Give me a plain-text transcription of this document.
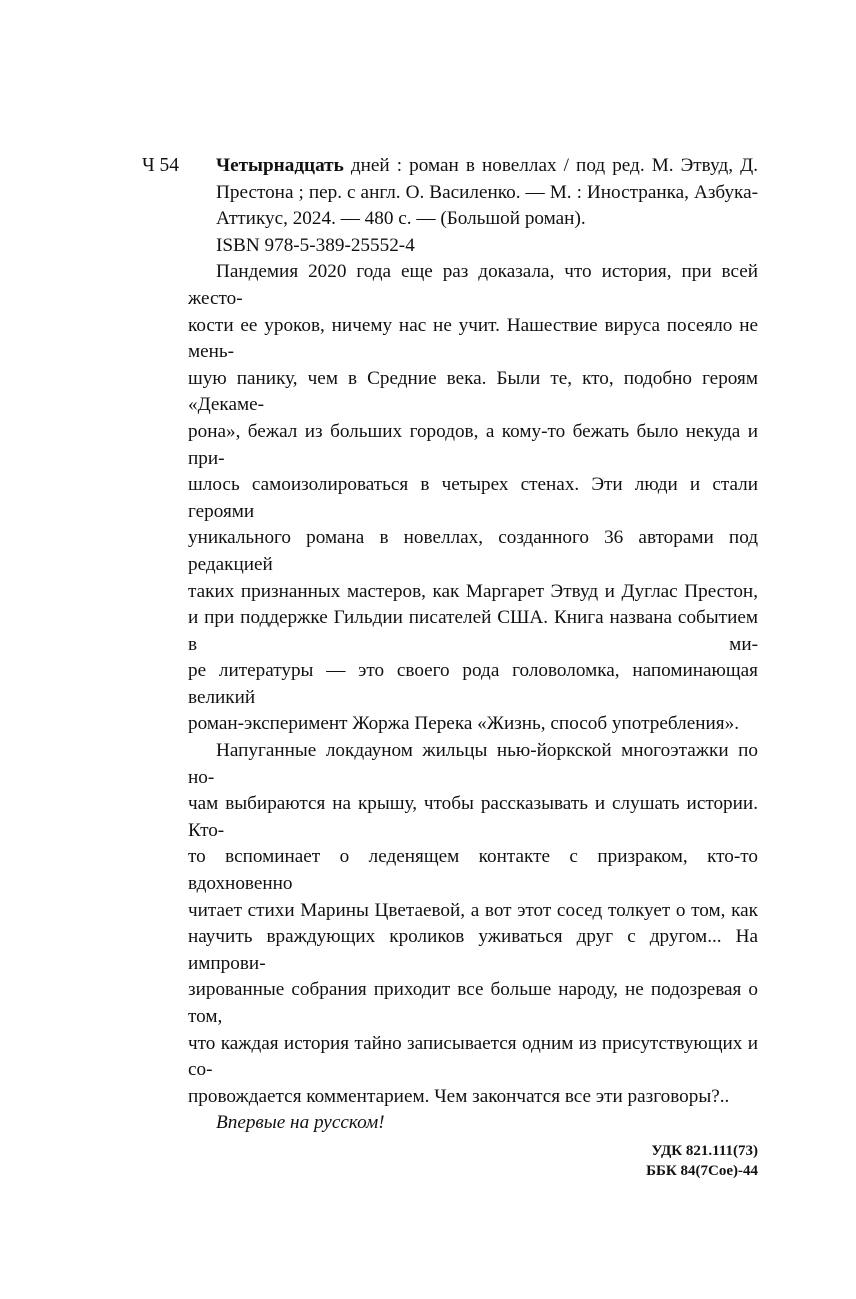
Ч 54 Четырнадцать дней : роман в новеллах / под ред. М. Этвуд, Д. Престона ; пер. с англ. О. Василенко. — М. : Иностранка, Азбука-Аттикус, 2024. — 480 с. — (Большой роман).
ISBN 978-5-389-25552-4
Пандемия 2020 года еще раз доказала, что история, при всей жесто-
кости ее уроков, ничему нас не учит. Нашествие вируса посеяло не мень-
шую панику, чем в Средние века. Были те, кто, подобно героям «Декаме-
рона», бежал из больших городов, а кому-то бежать было некуда и при-
шлось самоизолироваться в четырех стенах. Эти люди и стали героями
уникального романа в новеллах, созданного 36 авторами под редакцией
таких признанных мастеров, как Маргарет Этвуд и Дуглас Престон,
и при поддержке Гильдии писателей США. Книга названа событием в ми-
ре литературы — это своего рода головоломка, напоминающая великий
роман-эксперимент Жоржа Перека «Жизнь, способ употребления».
Напуганные локдауном жильцы нью-йоркской многоэтажки по но-
чам выбираются на крышу, чтобы рассказывать и слушать истории. Кто-
то вспоминает о леденящем контакте с призраком, кто-то вдохновенно
читает стихи Марины Цветаевой, а вот этот сосед толкует о том, как
научить враждующих кроликов уживаться друг с другом... На импрови-
зированные собрания приходит все больше народу, не подозревая о том,
что каждая история тайно записывается одним из присутствующих и со-
провождается комментарием. Чем закончатся все эти разговоры?..
Впервые на русском!
УДК 821.111(73)
ББК 84(7Сое)-44
